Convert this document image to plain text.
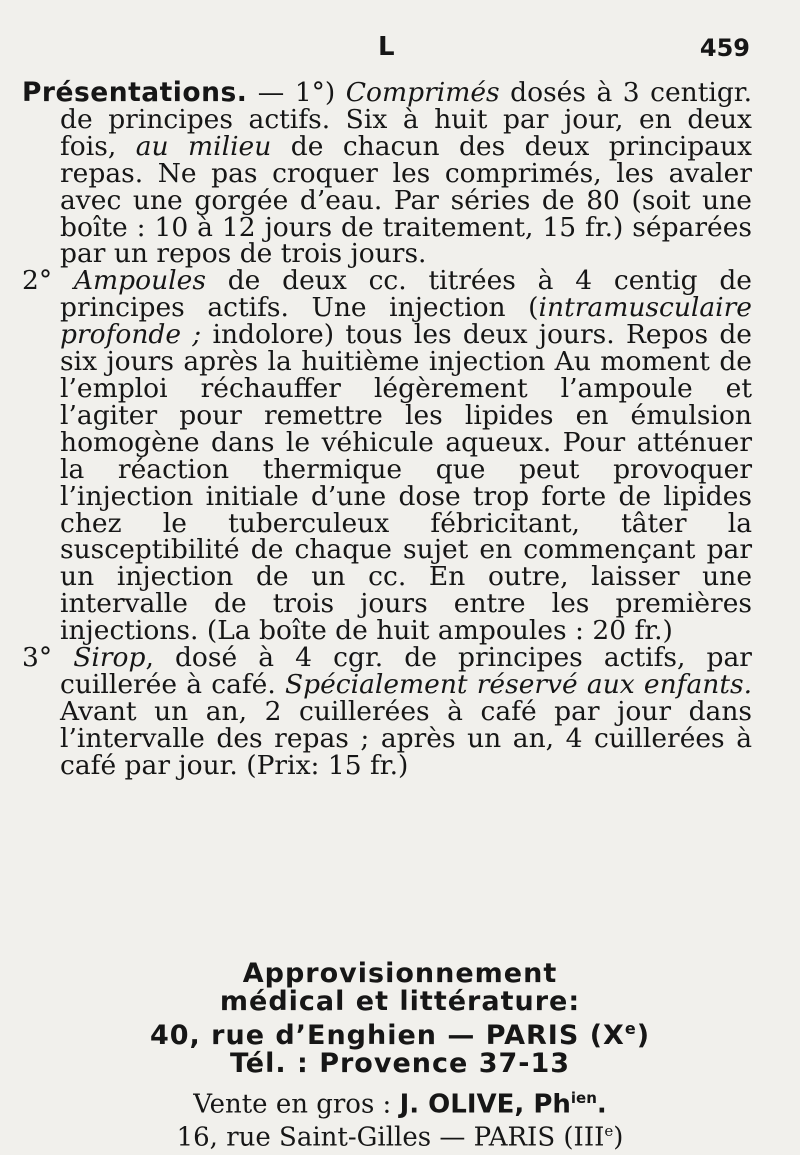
L	459

Présentations. — 1°) Comprimés dosés à 3 centigr. de principes actifs. Six à huit par jour, en deux fois, au milieu de chacun des deux principaux repas. Ne pas croquer les comprimés, les avaler avec une gorgée d’eau. Par séries de 80 (soit une boîte : 10 à 12 jours de traitement, 15 fr.) séparées par un repos de trois jours.

2° Ampoules de deux cc. titrées à 4 centig de principes actifs. Une injection (intramusculaire profonde ; indolore) tous les deux jours. Repos de six jours après la huitième injection Au moment de l’emploi réchauffer légèrement l’ampoule et l’agiter pour remettre les lipides en émulsion homogène dans le véhicule aqueux. Pour atténuer la réaction thermique que peut provoquer l’injection initiale d’une dose trop forte de lipides chez le tuberculeux fébricitant, tâter la susceptibilité de chaque sujet en commençant par un injection de un cc. En outre, laisser une intervalle de trois jours entre les premières injections. (La boîte de huit ampoules : 20 fr.)

3° Sirop, dosé à 4 cgr. de principes actifs, par cuillerée à café. Spécialement réservé aux enfants. Avant un an, 2 cuillerées à café par jour dans l’intervalle des repas ; après un an, 4 cuillerées à café par jour. (Prix: 15 fr.)

Approvisionnement
médical et littérature:
40, rue d’Enghien — PARIS (Xe)
Tél. : Provence 37-13
Vente en gros : J. OLIVE, $Ph^{ien}$.
16, rue Saint-Gilles — PARIS (IIIe)
